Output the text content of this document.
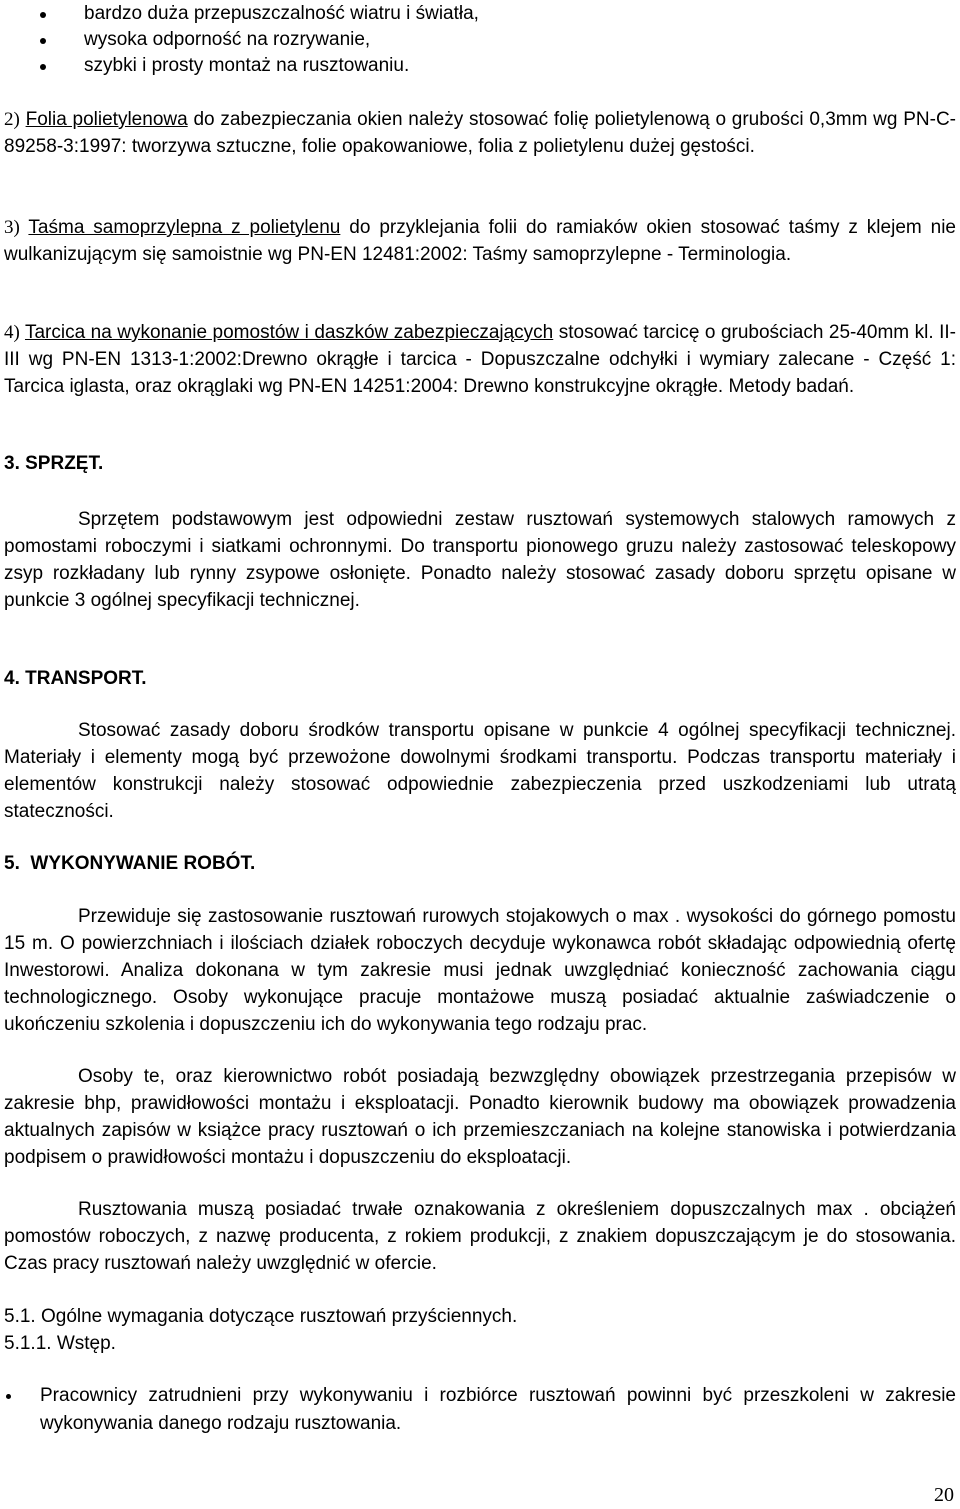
bardzo duża przepuszczalność wiatru i światła,
wysoka odporność na rozrywanie,
szybki i prosty montaż na rusztowaniu.
2) Folia polietylenowa do zabezpieczania okien należy stosować folię polietylenową o grubości 0,3mm wg PN-C-89258-3:1997: tworzywa sztuczne, folie opakowaniowe, folia z polietylenu dużej gęstości.
3) Taśma samoprzylepna z polietylenu do przyklejania folii do ramiaków okien stosować taśmy z klejem nie wulkanizującym się samoistnie wg PN-EN 12481:2002: Taśmy samoprzylepne - Terminologia.
4) Tarcica na wykonanie pomostów i daszków zabezpieczających stosować tarcicę o grubościach 25-40mm kl. II-III wg PN-EN 1313-1:2002:Drewno okrągłe i tarcica - Dopuszczalne odchyłki i wymiary zalecane - Część 1: Tarcica iglasta, oraz okrąglaki wg PN-EN 14251:2004: Drewno konstrukcyjne okrągłe. Metody badań.
3. SPRZĘT.
Sprzętem podstawowym jest odpowiedni zestaw rusztowań systemowych stalowych ramowych z pomostami roboczymi i siatkami ochronnymi. Do transportu pionowego gruzu należy zastosować teleskopowy zsyp rozkładany lub rynny zsypowe osłonięte. Ponadto należy stosować zasady doboru sprzętu opisane w punkcie 3 ogólnej specyfikacji technicznej.
4. TRANSPORT.
Stosować zasady doboru środków transportu opisane w punkcie 4 ogólnej specyfikacji technicznej. Materiały i elementy mogą być przewożone dowolnymi środkami transportu. Podczas transportu materiały i elementów konstrukcji należy stosować odpowiednie zabezpieczenia przed uszkodzeniami lub utratą stateczności.
5.  WYKONYWANIE ROBÓT.
Przewiduje się zastosowanie rusztowań rurowych stojakowych o max . wysokości do górnego pomostu 15 m. O powierzchniach i ilościach działek roboczych decyduje wykonawca robót składając odpowiednią ofertę Inwestorowi. Analiza dokonana w tym zakresie musi jednak uwzględniać konieczność zachowania ciągu technologicznego. Osoby wykonujące pracuje montażowe muszą posiadać aktualnie zaświadczenie o ukończeniu szkolenia i dopuszczeniu ich do wykonywania tego rodzaju prac.
Osoby te, oraz kierownictwo robót posiadają bezwzględny obowiązek przestrzegania przepisów w zakresie bhp, prawidłowości montażu i eksploatacji. Ponadto kierownik budowy ma obowiązek prowadzenia aktualnych zapisów w książce pracy rusztowań o ich przemieszczaniach na kolejne stanowiska i potwierdzania podpisem o prawidłowości montażu i dopuszczeniu do eksploatacji.
Rusztowania muszą posiadać trwałe oznakowania z określeniem dopuszczalnych max . obciążeń pomostów roboczych, z nazwę producenta, z rokiem produkcji, z znakiem dopuszczającym je do stosowania. Czas pracy rusztowań należy uwzględnić w ofercie.
5.1. Ogólne wymagania dotyczące rusztowań przyściennych.
5.1.1. Wstęp.
Pracownicy zatrudnieni przy wykonywaniu i rozbiórce rusztowań powinni być przeszkoleni w zakresie wykonywania danego rodzaju rusztowania.
20
